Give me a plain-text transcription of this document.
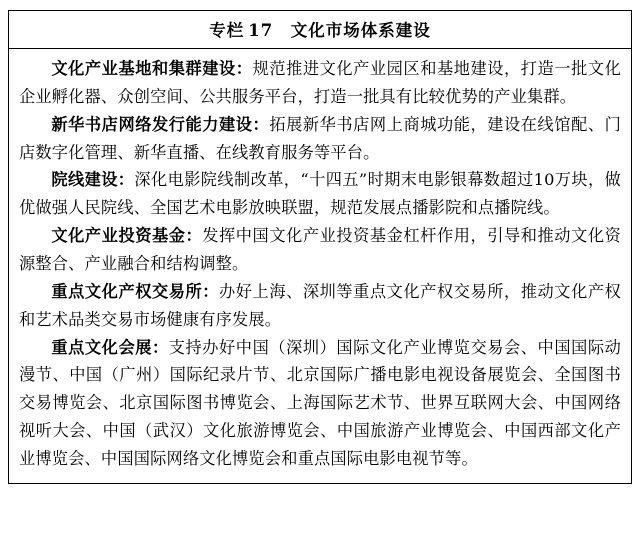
专栏 17 文化市场体系建设

文化产业基地和集群建设：规范推进文化产业园区和基地建设，打造一批文化企业孵化器、众创空间、公共服务平台，打造一批具有比较优势的产业集群。

新华书店网络发行能力建设：拓展新华书店网上商城功能，建设在线馆配、门店数字化管理、新华直播、在线教育服务等平台。

院线建设：深化电影院线制改革，“十四五”时期末电影银幕数超过10万块，做优做强人民院线、全国艺术电影放映联盟，规范发展点播影院和点播院线。

文化产业投资基金：发挥中国文化产业投资基金杠杆作用，引导和推动文化资源整合、产业融合和结构调整。

重点文化产权交易所：办好上海、深圳等重点文化产权交易所，推动文化产权和艺术品类交易市场健康有序发展。

重点文化会展：支持办好中国（深圳）国际文化产业博览交易会、中国国际动漫节、中国（广州）国际纪录片节、北京国际广播电影电视设备展览会、全国图书交易博览会、北京国际图书博览会、上海国际艺术节、世界互联网大会、中国网络视听大会、中国（武汉）文化旅游博览会、中国旅游产业博览会、中国西部文化产业博览会、中国国际网络文化博览会和重点国际电影电视节等。
